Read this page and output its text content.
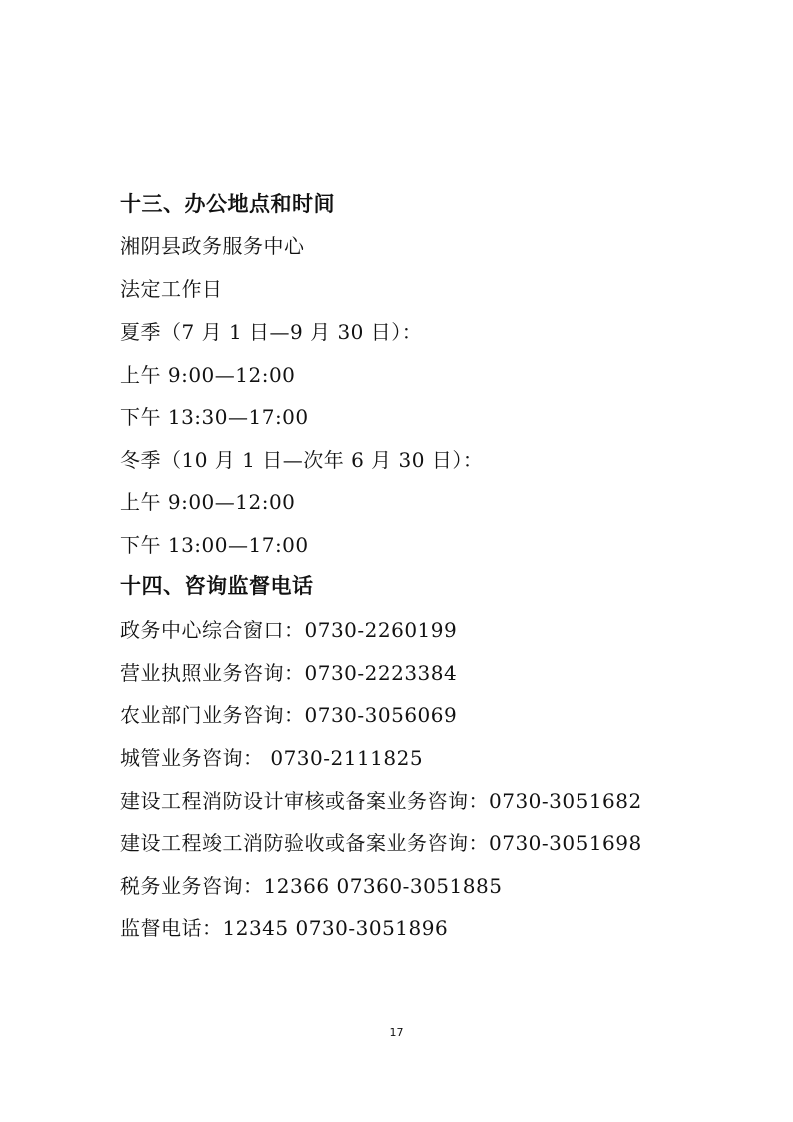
十三、办公地点和时间
湘阴县政务服务中心
法定工作日
夏季（7 月 1 日—9 月 30 日）：
上午 9:00—12:00
下午 13:30—17:00
冬季（10 月 1 日—次年 6 月 30 日）：
上午 9:00—12:00
下午 13:00—17:00
十四、咨询监督电话
政务中心综合窗口：0730-2260199
营业执照业务咨询：0730-2223384
农业部门业务咨询：0730-3056069
城管业务咨询： 0730-2111825
建设工程消防设计审核或备案业务咨询：0730-3051682
建设工程竣工消防验收或备案业务咨询：0730-3051698
税务业务咨询：12366 07360-3051885
监督电话：12345 0730-3051896
17
